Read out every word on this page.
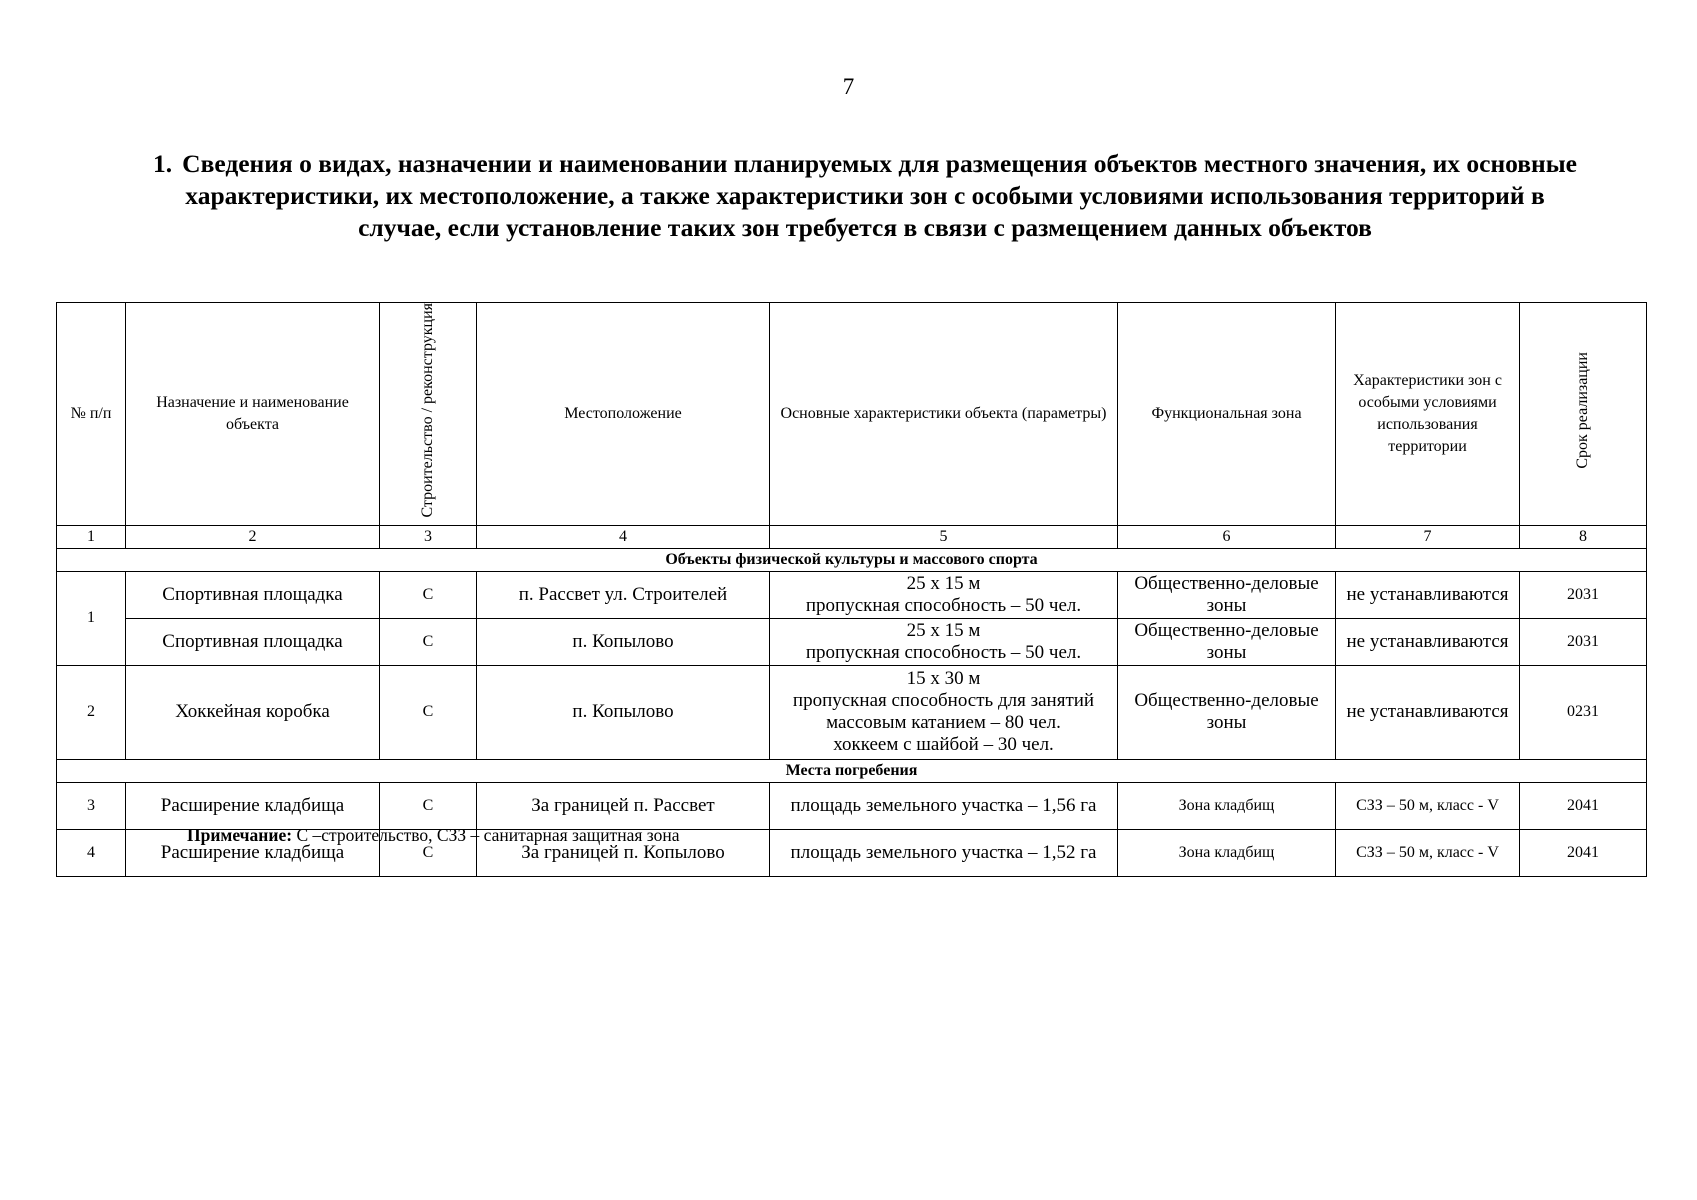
7
1. Сведения о видах, назначении и наименовании планируемых для размещения объектов местного значения, их основные характеристики, их местоположение, а также характеристики зон с особыми условиями использования территорий в случае, если установление таких зон требуется в связи с размещением данных объектов
№ п/п	Назначение и наименование объекта	Строительство / реконструкция	Местоположение	Основные характеристики объекта (параметры)	Функциональная зона	Характеристики зон с особыми условиями использования территории	Срок реализации
1	2	3	4	5	6	7	8
Объекты физической культуры и массового спорта							
1	Спортивная площадка	С	п. Рассвет ул. Строителей	25 х 15 м
пропускная способность – 50 чел.	Общественно-деловые зоны	не устанавливаются	2031
	Спортивная площадка	С	п. Копылово	25 х 15 м
пропускная способность – 50 чел.	Общественно-деловые зоны	не устанавливаются	2031
2	Хоккейная коробка	С	п. Копылово	15 х 30 м
пропускная способность для занятий массовым катанием – 80 чел.
хоккеем с шайбой – 30 чел.	Общественно-деловые зоны	не устанавливаются	0231
Места погребения							
3	Расширение кладбища	С	За границей п. Рассвет	площадь земельного участка – 1,56 га	Зона кладбищ	СЗЗ – 50 м, класс - V	2041
4	Расширение кладбища	С	За границей п. Копылово	площадь земельного участка – 1,52 га	Зона кладбищ	СЗЗ – 50 м, класс - V	2041
Примечание: С –строительство, СЗЗ – санитарная защитная зона
